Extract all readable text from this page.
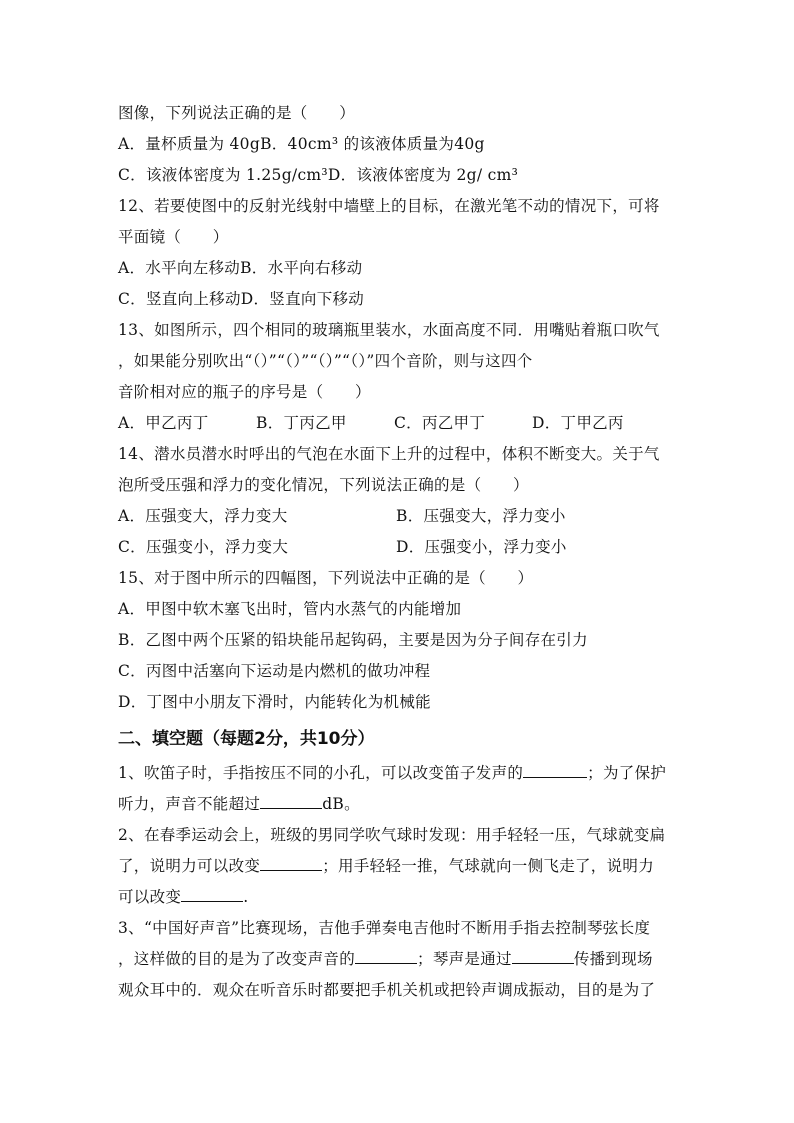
图像，下列说法正确的是（　　）
A．量杯质量为 40gB．40cm³ 的该液体质量为40g
C．该液体密度为 1.25g/cm³D．该液体密度为 2g/ cm³
12、若要使图中的反射光线射中墙壁上的目标，在激光笔不动的情况下，可将
平面镜（　　）
A．水平向左移动B．水平向右移动
C．竖直向上移动D．竖直向下移动
13、如图所示，四个相同的玻璃瓶里装水，水面高度不同．用嘴贴着瓶口吹气
，如果能分别吹出“（）”“（）”“（）”“（）”四个音阶，则与这四个
音阶相对应的瓶子的序号是（　　）
A．甲乙丙丁	B．丁丙乙甲	C．丙乙甲丁	D．丁甲乙丙
14、潜水员潜水时呼出的气泡在水面下上升的过程中，体积不断变大。关于气
泡所受压强和浮力的变化情况，下列说法正确的是（　　）
A．压强变大，浮力变大	B．压强变大，浮力变小
C．压强变小，浮力变大	D．压强变小，浮力变小
15、对于图中所示的四幅图，下列说法中正确的是（　　）
A．甲图中软木塞飞出时，管内水蒸气的内能增加
B．乙图中两个压紧的铅块能吊起钩码，主要是因为分子间存在引力
C．丙图中活塞向下运动是内燃机的做功冲程
D．丁图中小朋友下滑时，内能转化为机械能
二、填空题（每题2分，共10分）
1、吹笛子时，手指按压不同的小孔，可以改变笛子发声的	；为了保护
听力，声音不能超过	dB。
2、在春季运动会上，班级的男同学吹气球时发现：用手轻轻一压，气球就变扁
了，说明力可以改变	；用手轻轻一推，气球就向一侧飞走了，说明力
可以改变	.
3、“中国好声音”比赛现场，吉他手弹奏电吉他时不断用手指去控制琴弦长度
，这样做的目的是为了改变声音的	；琴声是通过	传播到现场
观众耳中的．观众在听音乐时都要把手机关机或把铃声调成振动，目的是为了
